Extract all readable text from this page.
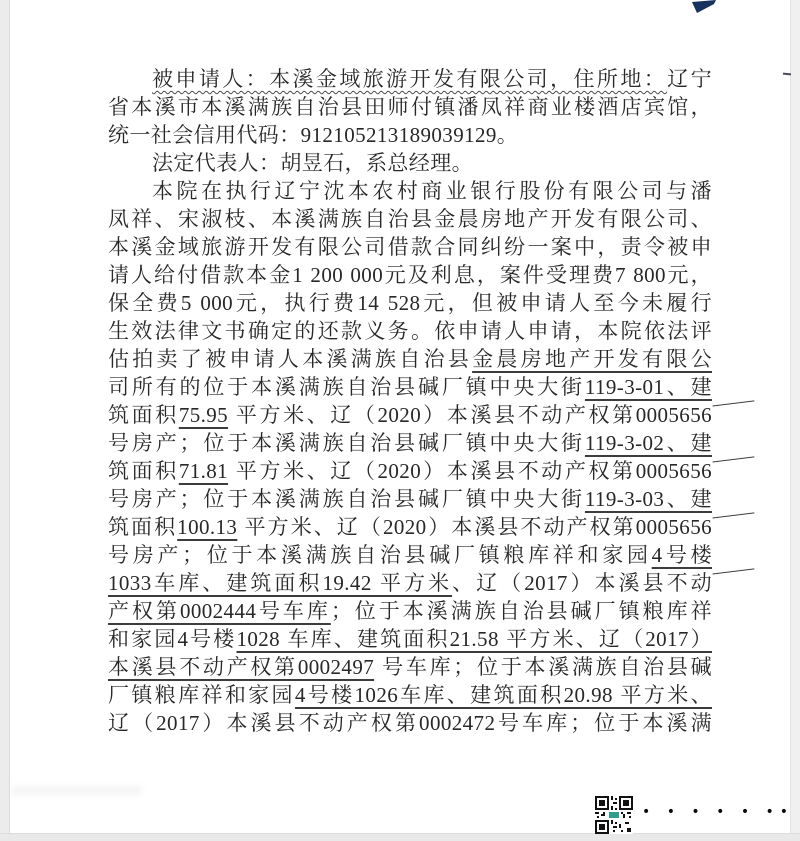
被申请人：本溪金域旅游开发有限公司，住所地：辽宁
省本溪市本溪满族自治县田师付镇潘凤祥商业楼酒店宾馆，
统一社会信用代码：912105213189039129。
法定代表人：胡昱石，系总经理。
本院在执行辽宁沈本农村商业银行股份有限公司与潘
凤祥、宋淑枝、本溪满族自治县金晨房地产开发有限公司、
本溪金域旅游开发有限公司借款合同纠纷一案中，责令被申
请人给付借款本金1 200 000元及利息，案件受理费7 800元，
保全费5 000元，执行费14 528元，但被申请人至今未履行
生效法律文书确定的还款义务。依申请人申请，本院依法评
估拍卖了被申请人本溪满族自治县金晨房地产开发有限公
司所有的位于本溪满族自治县碱厂镇中央大街119-3-01、建
筑面积75.95 平方米、辽（2020）本溪县不动产权第0005656
号房产；位于本溪满族自治县碱厂镇中央大街119-3-02、建
筑面积71.81 平方米、辽（2020）本溪县不动产权第0005656
号房产；位于本溪满族自治县碱厂镇中央大街119-3-03、建
筑面积100.13 平方米、辽（2020）本溪县不动产权第0005656
号房产；位于本溪满族自治县碱厂镇粮库祥和家园4号楼
1033车库、建筑面积19.42 平方米、辽（2017）本溪县不动
产权第0002444号车库；位于本溪满族自治县碱厂镇粮库祥
和家园4号楼1028 车库、建筑面积21.58 平方米、辽（2017）
本溪县不动产权第0002497 号车库；位于本溪满族自治县碱
厂镇粮库祥和家园4号楼1026车库、建筑面积20.98 平方米、
辽（2017）本溪县不动产权第0002472号车库；位于本溪满
• • • • • ••
